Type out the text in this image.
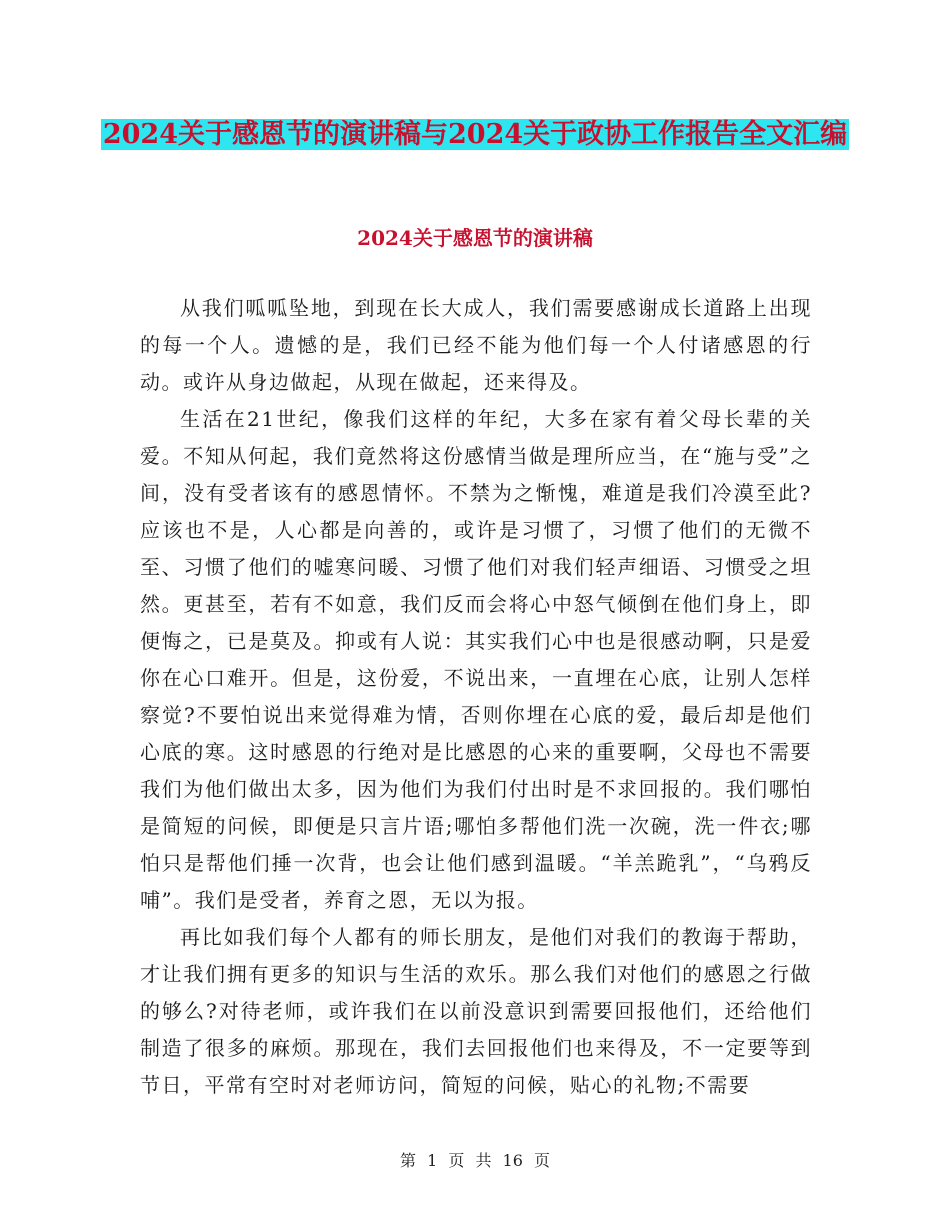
2024关于感恩节的演讲稿与2024关于政协工作报告全文汇编
2024关于感恩节的演讲稿

从我们呱呱坠地，到现在长大成人，我们需要感谢成长道路上出现的每一个人。遗憾的是，我们已经不能为他们每一个人付诸感恩的行动。或许从身边做起，从现在做起，还来得及。

生活在21世纪，像我们这样的年纪，大多在家有着父母长辈的关爱。不知从何起，我们竟然将这份感情当做是理所应当，在“施与受”之间，没有受者该有的感恩情怀。不禁为之惭愧，难道是我们冷漠至此?应该也不是，人心都是向善的，或许是习惯了，习惯了他们的无微不至、习惯了他们的嘘寒问暖、习惯了他们对我们轻声细语、习惯受之坦然。更甚至，若有不如意，我们反而会将心中怒气倾倒在他们身上，即便悔之，已是莫及。抑或有人说：其实我们心中也是很感动啊，只是爱你在心口难开。但是，这份爱，不说出来，一直埋在心底，让别人怎样察觉?不要怕说出来觉得难为情，否则你埋在心底的爱，最后却是他们心底的寒。这时感恩的行绝对是比感恩的心来的重要啊，父母也不需要我们为他们做出太多，因为他们为我们付出时是不求回报的。我们哪怕是简短的问候，即便是只言片语;哪怕多帮他们洗一次碗，洗一件衣;哪怕只是帮他们捶一次背，也会让他们感到温暖。“羊羔跪乳”，“乌鸦反哺”。我们是受者，养育之恩，无以为报。

再比如我们每个人都有的师长朋友，是他们对我们的教诲于帮助，才让我们拥有更多的知识与生活的欢乐。那么我们对他们的感恩之行做的够么?对待老师，或许我们在以前没意识到需要回报他们，还给他们制造了很多的麻烦。那现在，我们去回报他们也来得及，不一定要等到节日，平常有空时对老师访问，简短的问候，贴心的礼物;不需要

第 1 页 共 16 页
